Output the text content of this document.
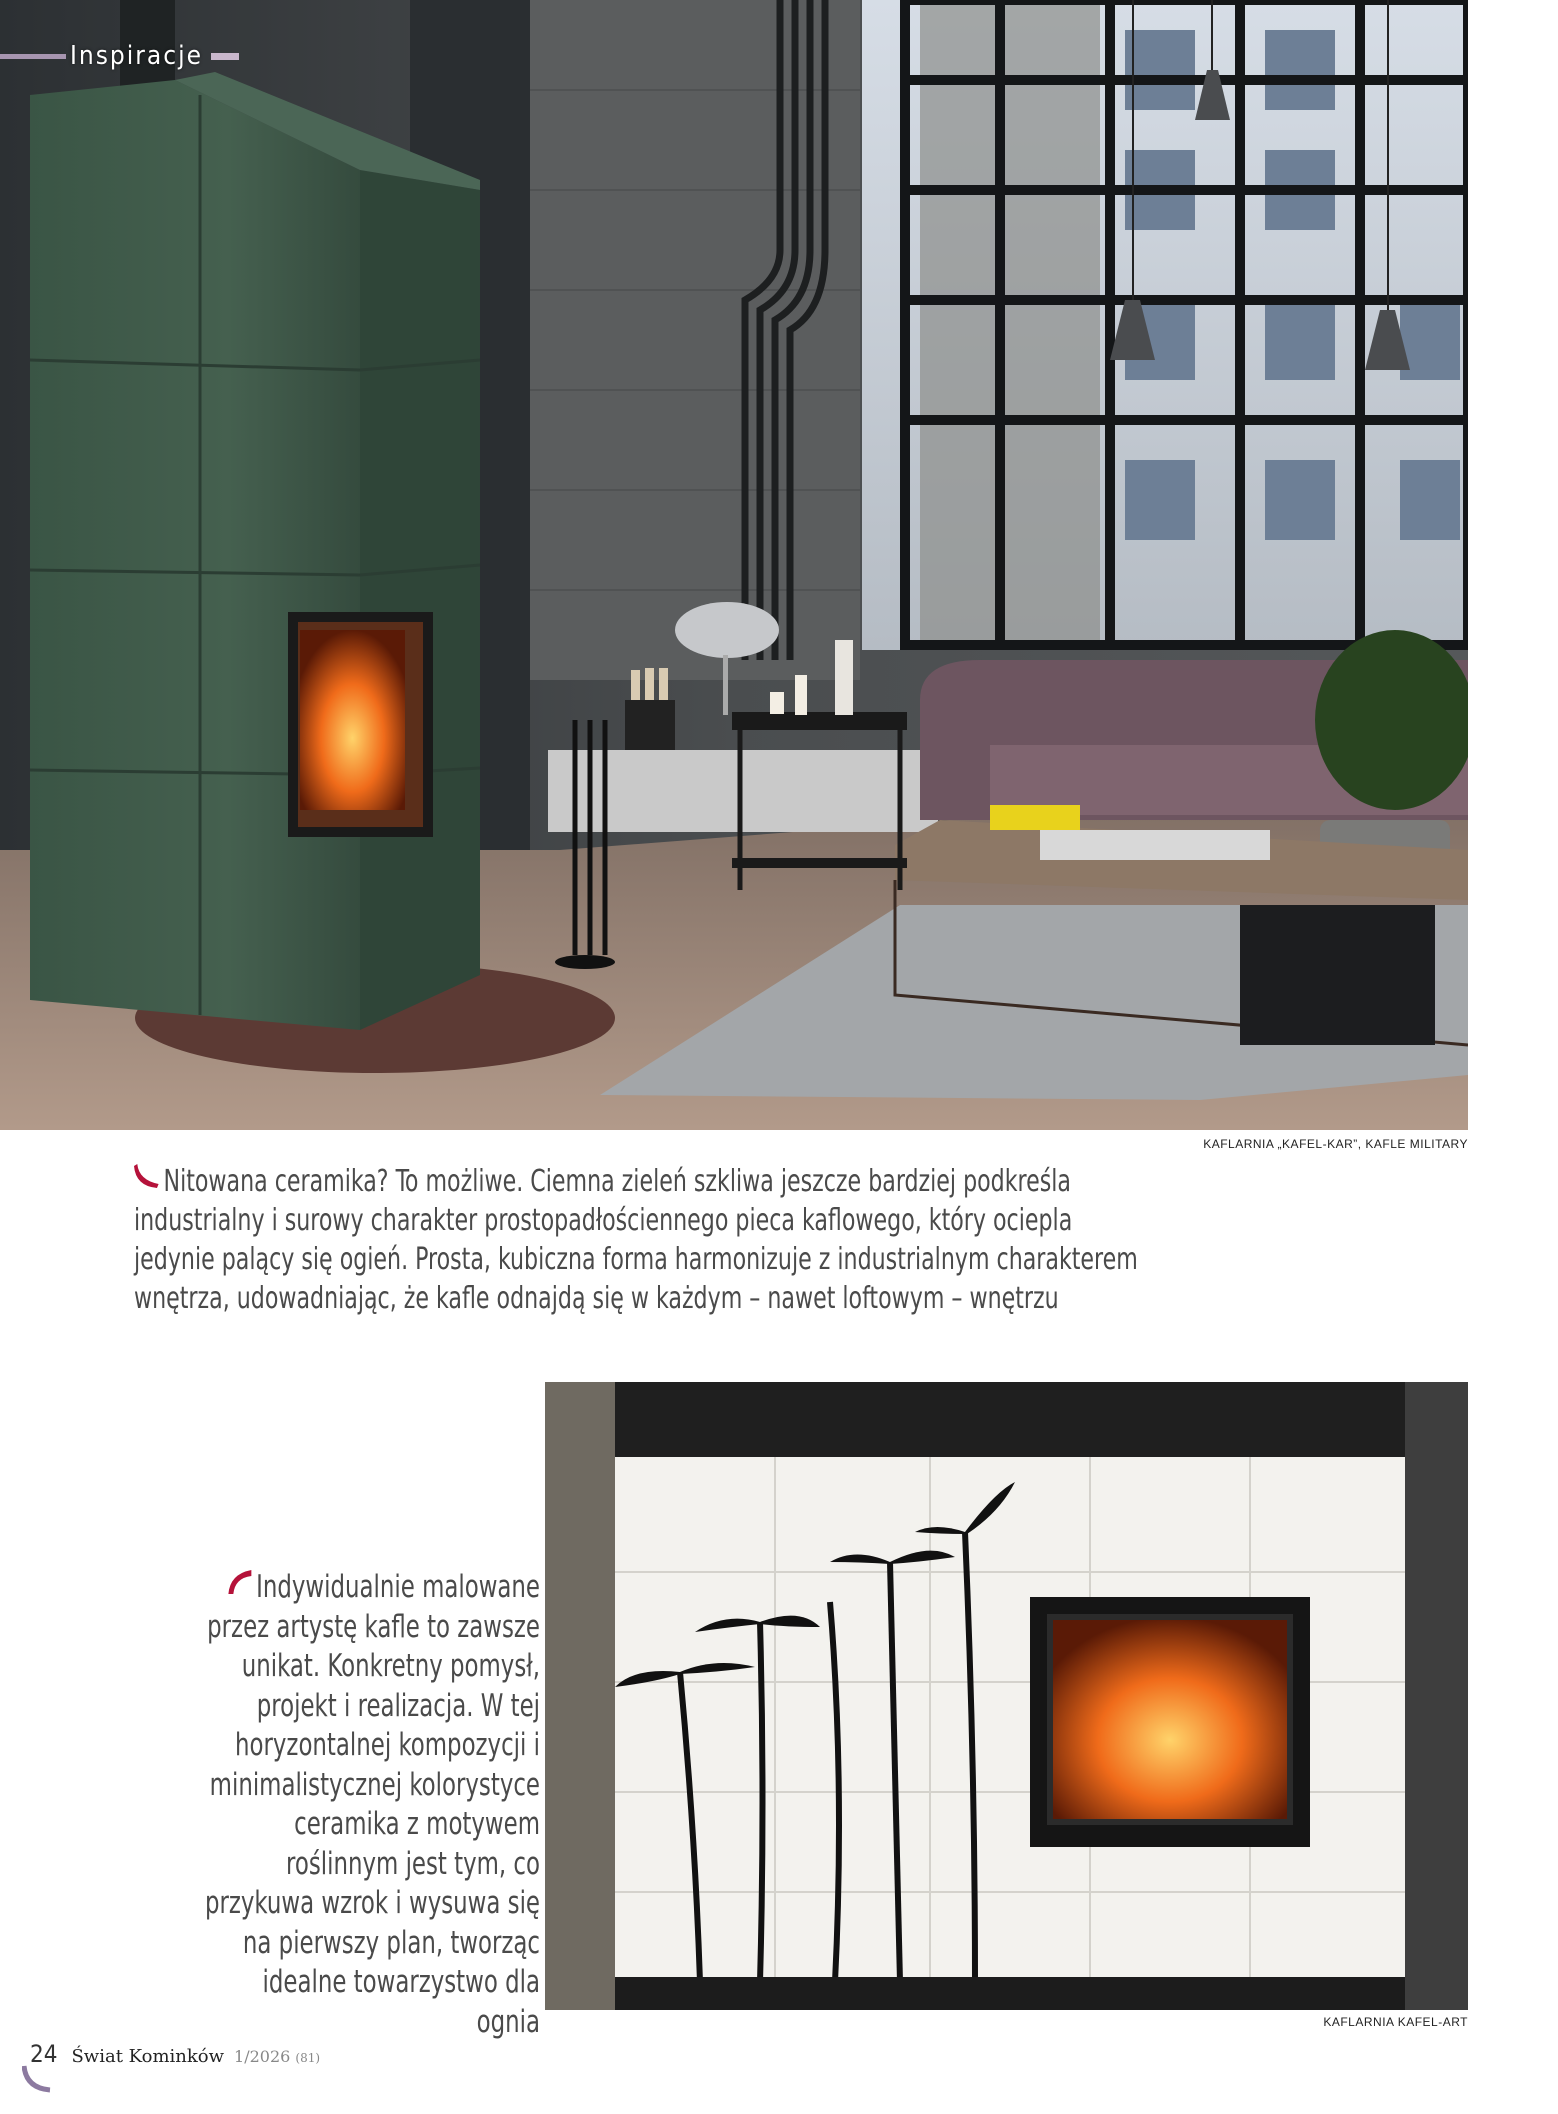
Inspiracje
KAFLARNIA „KAFEL-KAR”, KAFLE MILITARY
Nitowana ceramika? To możliwe. Ciemna zieleń szkliwa jeszcze bardziej podkreśla industrialny i surowy charakter prostopadłościennego pieca kaflowego, który ociepla jedynie palący się ogień. Prosta, kubiczna forma harmonizuje z industrialnym charakterem wnętrza, udowadniając, że kafle odnajdą się w każdym – nawet loftowym – wnętrzu
Indywidualnie malowane przez artystę kafle to zawsze unikat. Konkretny pomysł, projekt i realizacja. W tej horyzontalnej kompozycji i minimalistycznej kolorystyce ceramika z motywem roślinnym jest tym, co przykuwa wzrok i wysuwa się na pierwszy plan, tworząc idealne towarzystwo dla ognia	KAFLARNIA KAFEL-ART
24 Świat Kominków 1/2026 (81)
